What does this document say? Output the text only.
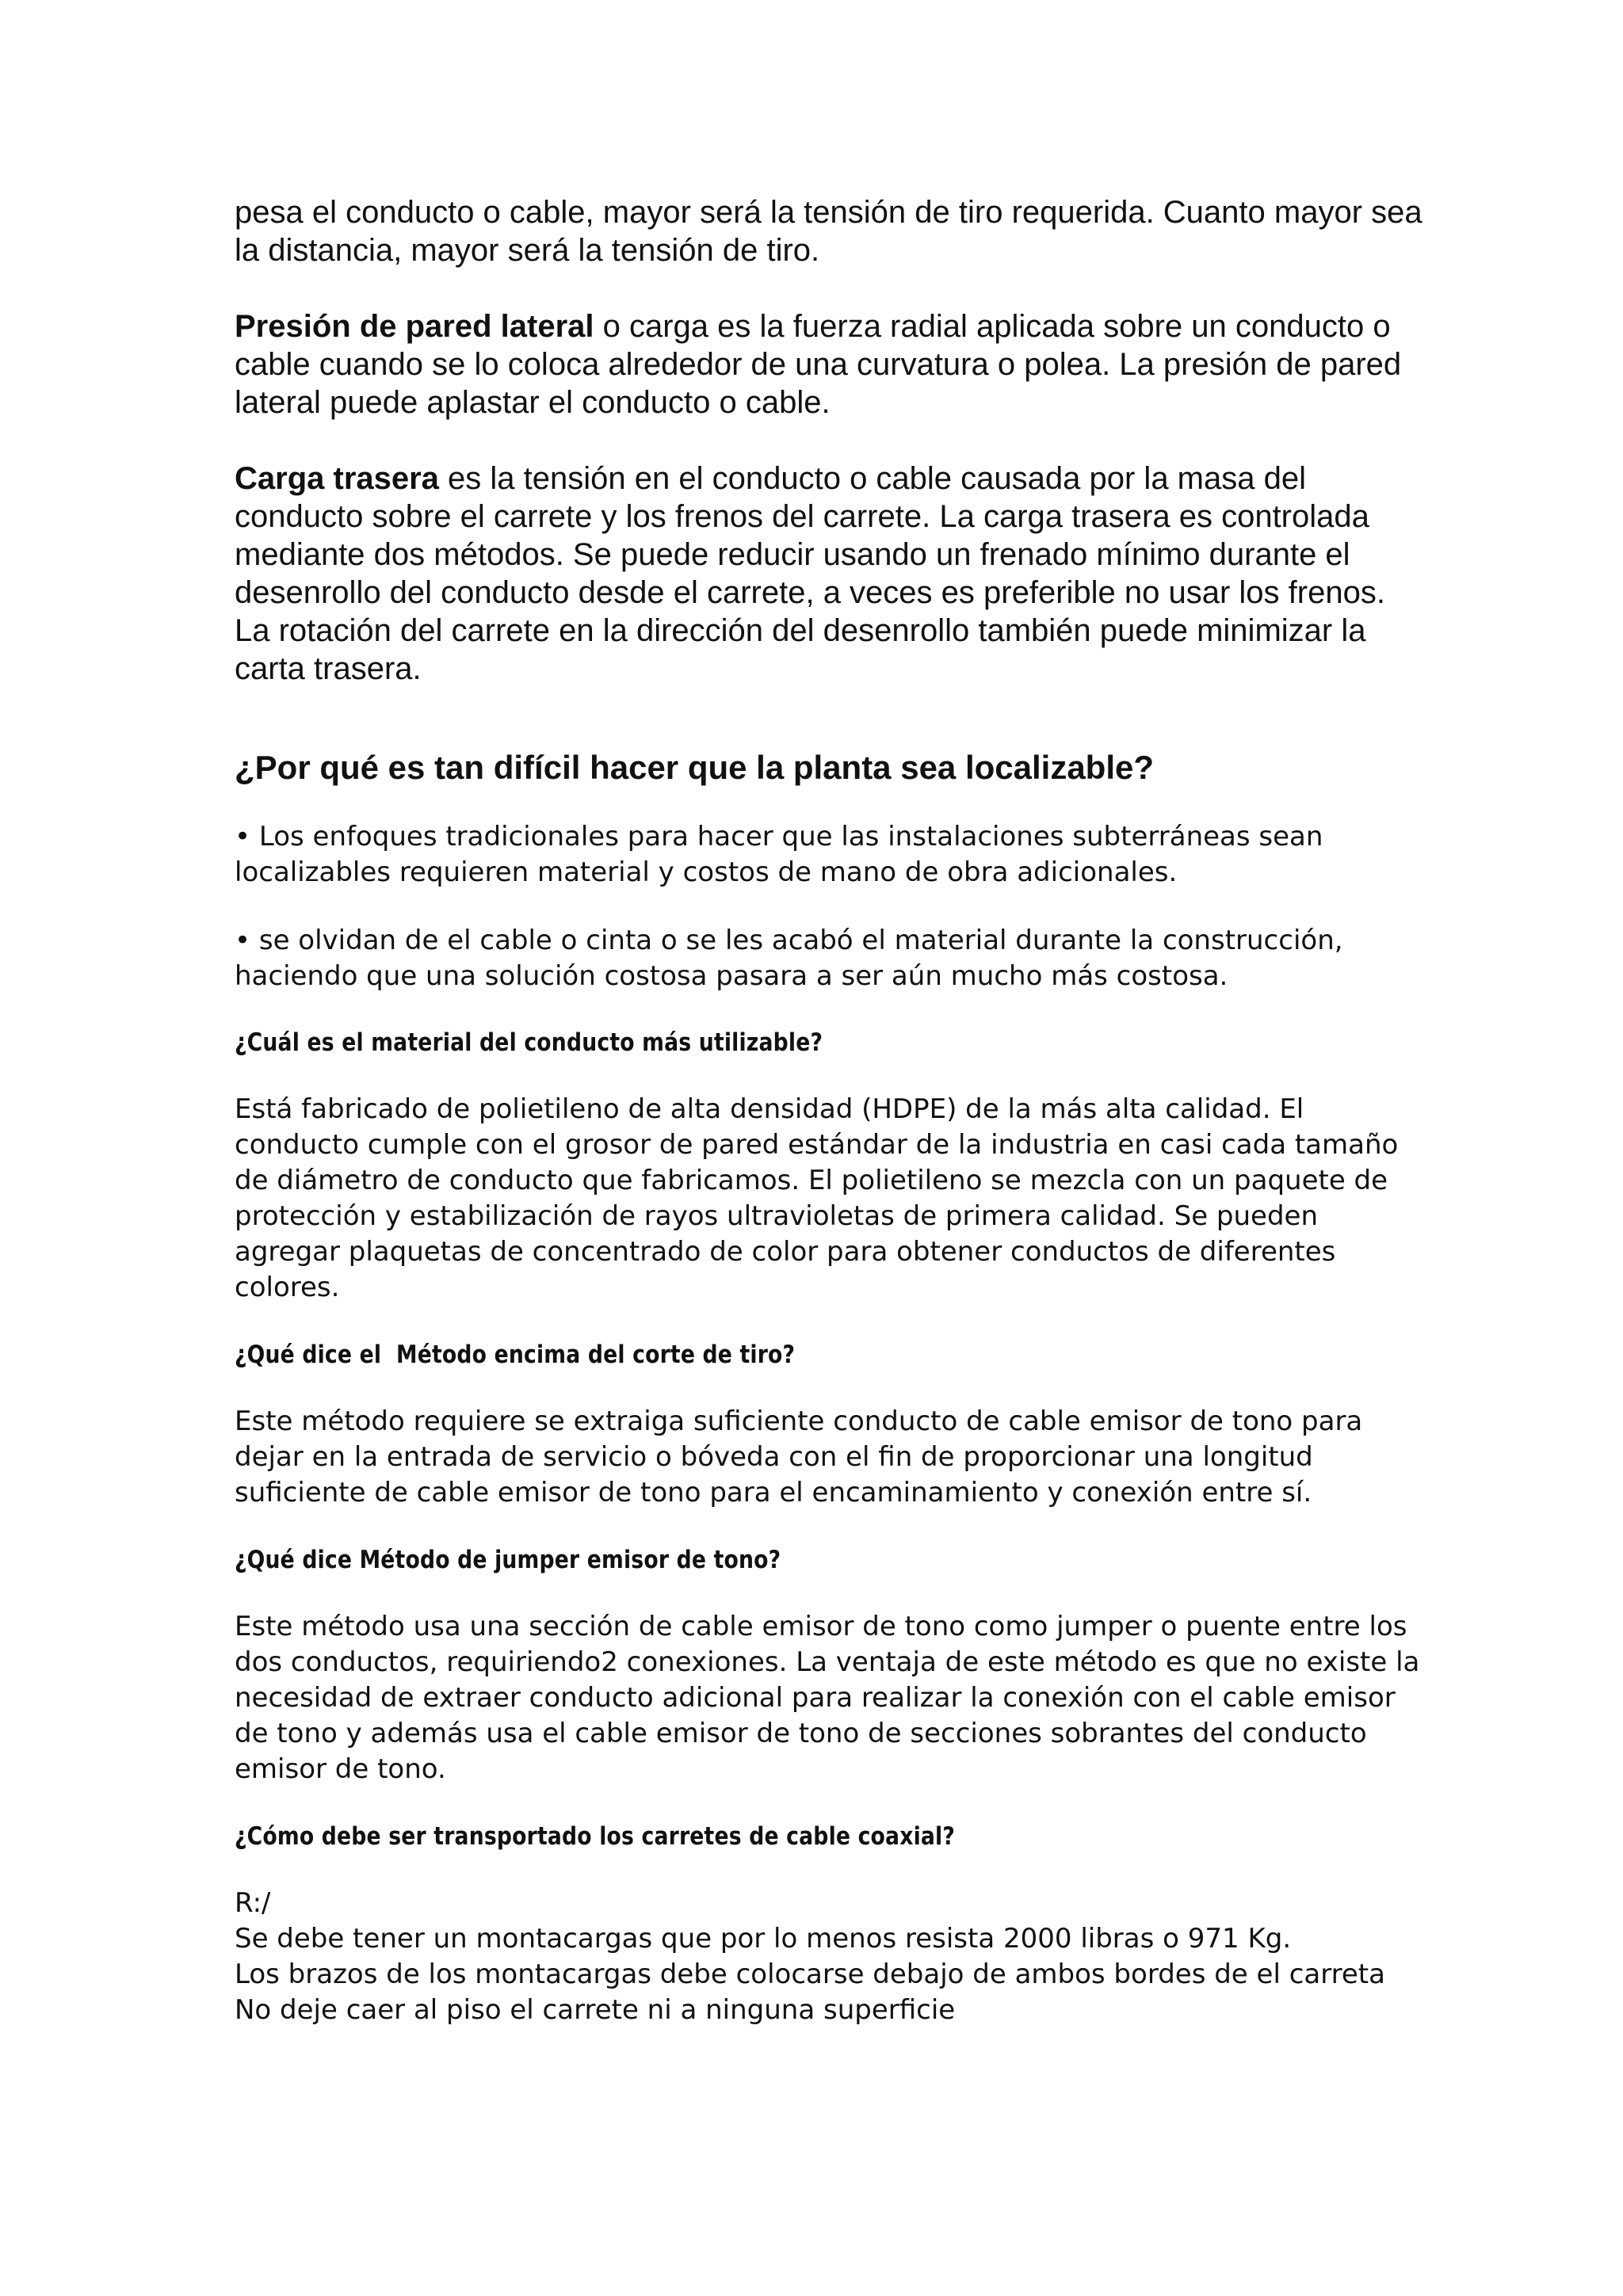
pesa el conducto o cable, mayor será la tensión de tiro requerida. Cuanto mayor sea la distancia, mayor será la tensión de tiro.

Presión de pared lateral o carga es la fuerza radial aplicada sobre un conducto o cable cuando se lo coloca alrededor de una curvatura o polea. La presión de pared lateral puede aplastar el conducto o cable.

Carga trasera es la tensión en el conducto o cable causada por la masa del conducto sobre el carrete y los frenos del carrete. La carga trasera es controlada mediante dos métodos. Se puede reducir usando un frenado mínimo durante el desenrollo del conducto desde el carrete, a veces es preferible no usar los frenos. La rotación del carrete en la dirección del desenrollo también puede minimizar la carta trasera.

¿Por qué es tan difícil hacer que la planta sea localizable?

• Los enfoques tradicionales para hacer que las instalaciones subterráneas sean localizables requieren material y costos de mano de obra adicionales.

• se olvidan de el cable o cinta o se les acabó el material durante la construcción, haciendo que una solución costosa pasara a ser aún mucho más costosa.

¿Cuál es el material del conducto más utilizable?

Está fabricado de polietileno de alta densidad (HDPE) de la más alta calidad. El conducto cumple con el grosor de pared estándar de la industria en casi cada tamaño de diámetro de conducto que fabricamos. El polietileno se mezcla con un paquete de protección y estabilización de rayos ultravioletas de primera calidad. Se pueden agregar plaquetas de concentrado de color para obtener conductos de diferentes colores.

¿Qué dice el  Método encima del corte de tiro?

Este método requiere se extraiga suficiente conducto de cable emisor de tono para dejar en la entrada de servicio o bóveda con el fin de proporcionar una longitud suficiente de cable emisor de tono para el encaminamiento y conexión entre sí.

¿Qué dice Método de jumper emisor de tono?

Este método usa una sección de cable emisor de tono como jumper o puente entre los dos conductos, requiriendo2 conexiones. La ventaja de este método es que no existe la necesidad de extraer conducto adicional para realizar la conexión con el cable emisor de tono y además usa el cable emisor de tono de secciones sobrantes del conducto emisor de tono.

¿Cómo debe ser transportado los carretes de cable coaxial?

R:/

Se debe tener un montacargas que por lo menos resista 2000 libras o 971 Kg.

Los brazos de los montacargas debe colocarse debajo de ambos bordes de el carreta

No deje caer al piso el carrete ni a ninguna superficie
